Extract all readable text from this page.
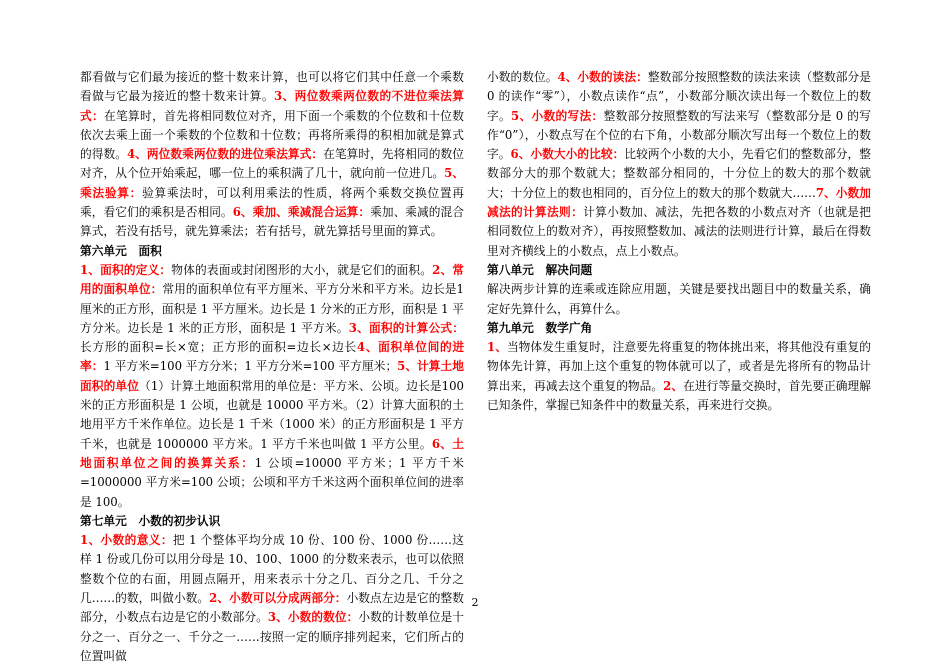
都看做与它们最为接近的整十数来计算，也可以将它们其中任意一个乘数看做与它最为接近的整十数来计算。3、两位数乘两位数的不进位乘法算式：在笔算时，首先将相同数位对齐，用下面一个乘数的个位数和十位数依次去乘上面一个乘数的个位数和十位数；再将所乘得的积相加就是算式的得数。4、两位数乘两位数的进位乘法算式：在笔算时，先将相同的数位对齐，从个位开始乘起，哪一位上的乘积满了几十，就向前一位进几。5、乘法验算：验算乘法时，可以利用乘法的性质，将两个乘数交换位置再乘，看它们的乘积是否相同。6、乘加、乘减混合运算：乘加、乘减的混合算式，若没有括号，就先算乘法；若有括号，就先算括号里面的算式。
第六单元　面积
1、面积的定义：物体的表面或封闭图形的大小，就是它们的面积。2、常用的面积单位：常用的面积单位有平方厘米、平方分米和平方米。边长是1厘米的正方形，面积是 1 平方厘米。边长是 1 分米的正方形，面积是 1 平方分米。边长是 1 米的正方形，面积是 1 平方米。3、面积的计算公式：长方形的面积=长×宽；正方形的面积=边长×边长4、面积单位间的进率：1 平方米=100 平方分米；1 平方分米=100 平方厘米；5、计算土地面积的单位（1）计算土地面积常用的单位是：平方米、公顷。边长是100 米的正方形面积是 1 公顷，也就是 10000 平方米。（2）计算大面积的土地用平方千米作单位。边长是 1 千米（1000 米）的正方形面积是 1 平方千米，也就是 1000000 平方米。1 平方千米也叫做 1 平方公里。6、土地面积单位之间的换算关系：1 公顷=10000 平方米；1 平方千米=1000000 平方米=100 公顷；公顷和平方千米这两个面积单位间的进率是 100。
第七单元　小数的初步认识
1、小数的意义：把 1 个整体平均分成 10 份、100 份、1000 份……这样 1 份或几份可以用分母是 10、100、1000 的分数来表示，也可以依照整数个位的右面，用圆点隔开，用来表示十分之几、百分之几、千分之几……的数，叫做小数。2、小数可以分成两部分：小数点左边是它的整数部分，小数点右边是它的小数部分。3、小数的数位：小数的计数单位是十分之一、百分之一、千分之一……按照一定的顺序排列起来，它们所占的位置叫做
小数的数位。4、小数的读法：整数部分按照整数的读法来读（整数部分是 0 的读作“零”），小数点读作“点”，小数部分顺次读出每一个数位上的数字。5、小数的写法：整数部分按照整数的写法来写（整数部分是 0 的写作“0”），小数点写在个位的右下角，小数部分顺次写出每一个数位上的数字。6、小数大小的比较：比较两个小数的大小，先看它们的整数部分，整数部分大的那个数就大；整数部分相同的，十分位上的数大的那个数就大；十分位上的数也相同的，百分位上的数大的那个数就大……7、小数加减法的计算法则：计算小数加、减法，先把各数的小数点对齐（也就是把相同数位上的数对齐），再按照整数加、减法的法则进行计算，最后在得数里对齐横线上的小数点，点上小数点。
第八单元　解决问题
解决两步计算的连乘或连除应用题，关键是要找出题目中的数量关系，确定好先算什么，再算什么。
第九单元　数学广角
1、当物体发生重复时，注意要先将重复的物体挑出来，将其他没有重复的物体先计算，再加上这个重复的物体就可以了，或者是先将所有的物品计算出来，再减去这个重复的物品。2、在进行等量交换时，首先要正确理解已知条件，掌握已知条件中的数量关系，再来进行交换。
2
